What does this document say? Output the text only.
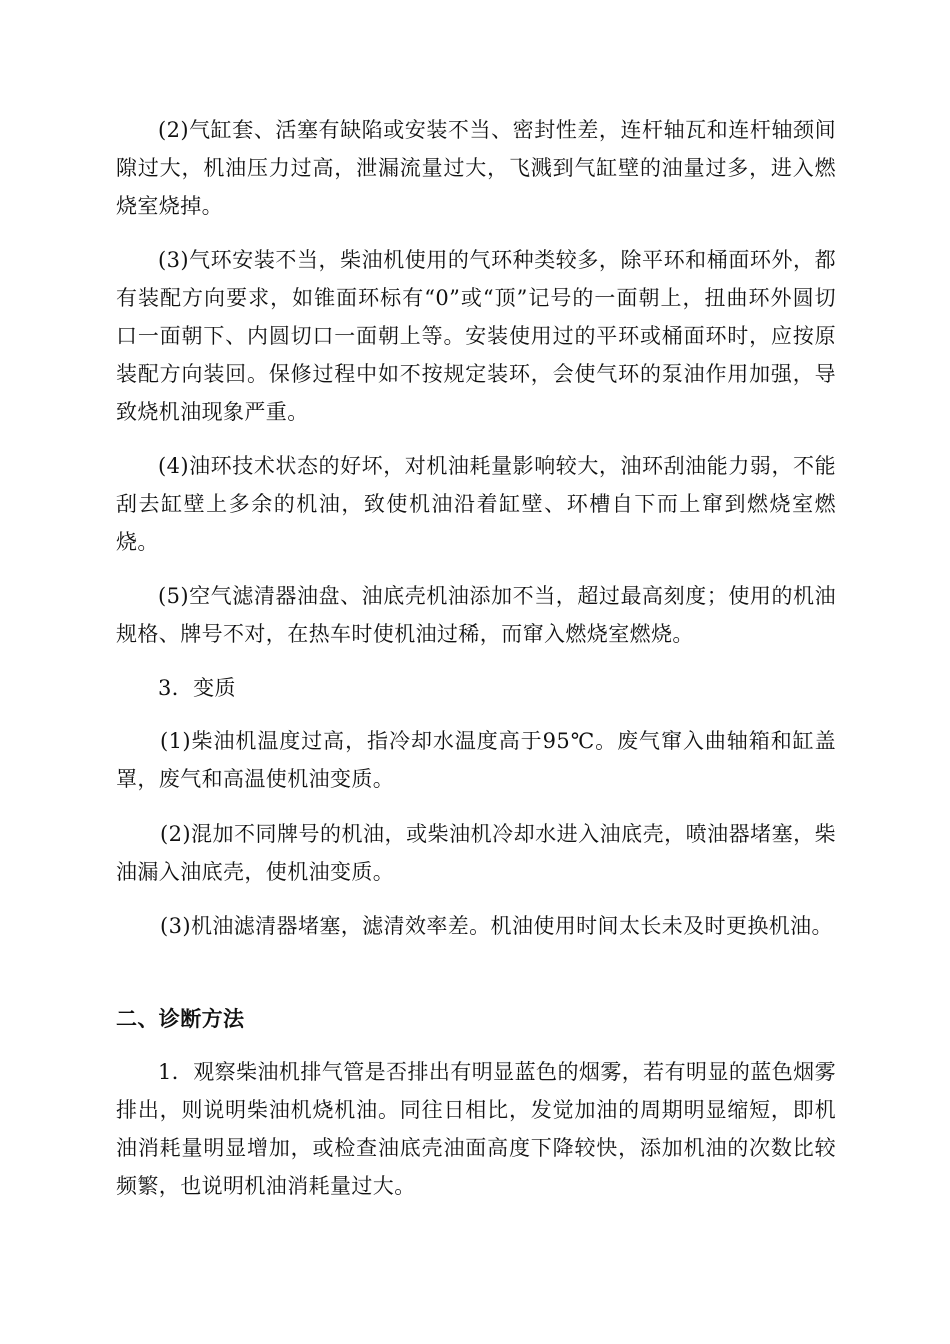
(2)气缸套、活塞有缺陷或安装不当、密封性差，连杆轴瓦和连杆轴颈间隙过大，机油压力过高，泄漏流量过大，飞溅到气缸壁的油量过多，进入燃烧室烧掉。

(3)气环安装不当，柴油机使用的气环种类较多，除平环和桶面环外，都有装配方向要求，如锥面环标有“0”或“顶”记号的一面朝上，扭曲环外圆切口一面朝下、内圆切口一面朝上等。安装使用过的平环或桶面环时，应按原装配方向装回。保修过程中如不按规定装环，会使气环的泵油作用加强，导致烧机油现象严重。

(4)油环技术状态的好坏，对机油耗量影响较大，油环刮油能力弱，不能刮去缸壁上多余的机油，致使机油沿着缸壁、环槽自下而上窜到燃烧室燃烧。

(5)空气滤清器油盘、油底壳机油添加不当，超过最高刻度；使用的机油规格、牌号不对，在热车时使机油过稀，而窜入燃烧室燃烧。

3．变质

(1)柴油机温度过高，指冷却水温度高于95℃。废气窜入曲轴箱和缸盖罩，废气和高温使机油变质。

(2)混加不同牌号的机油，或柴油机冷却水进入油底壳，喷油器堵塞，柴油漏入油底壳，使机油变质。

(3)机油滤清器堵塞，滤清效率差。机油使用时间太长未及时更换机油。

二、诊断方法

1．观察柴油机排气管是否排出有明显蓝色的烟雾，若有明显的蓝色烟雾排出，则说明柴油机烧机油。同往日相比，发觉加油的周期明显缩短，即机油消耗量明显增加，或检查油底壳油面高度下降较快，添加机油的次数比较频繁，也说明机油消耗量过大。
